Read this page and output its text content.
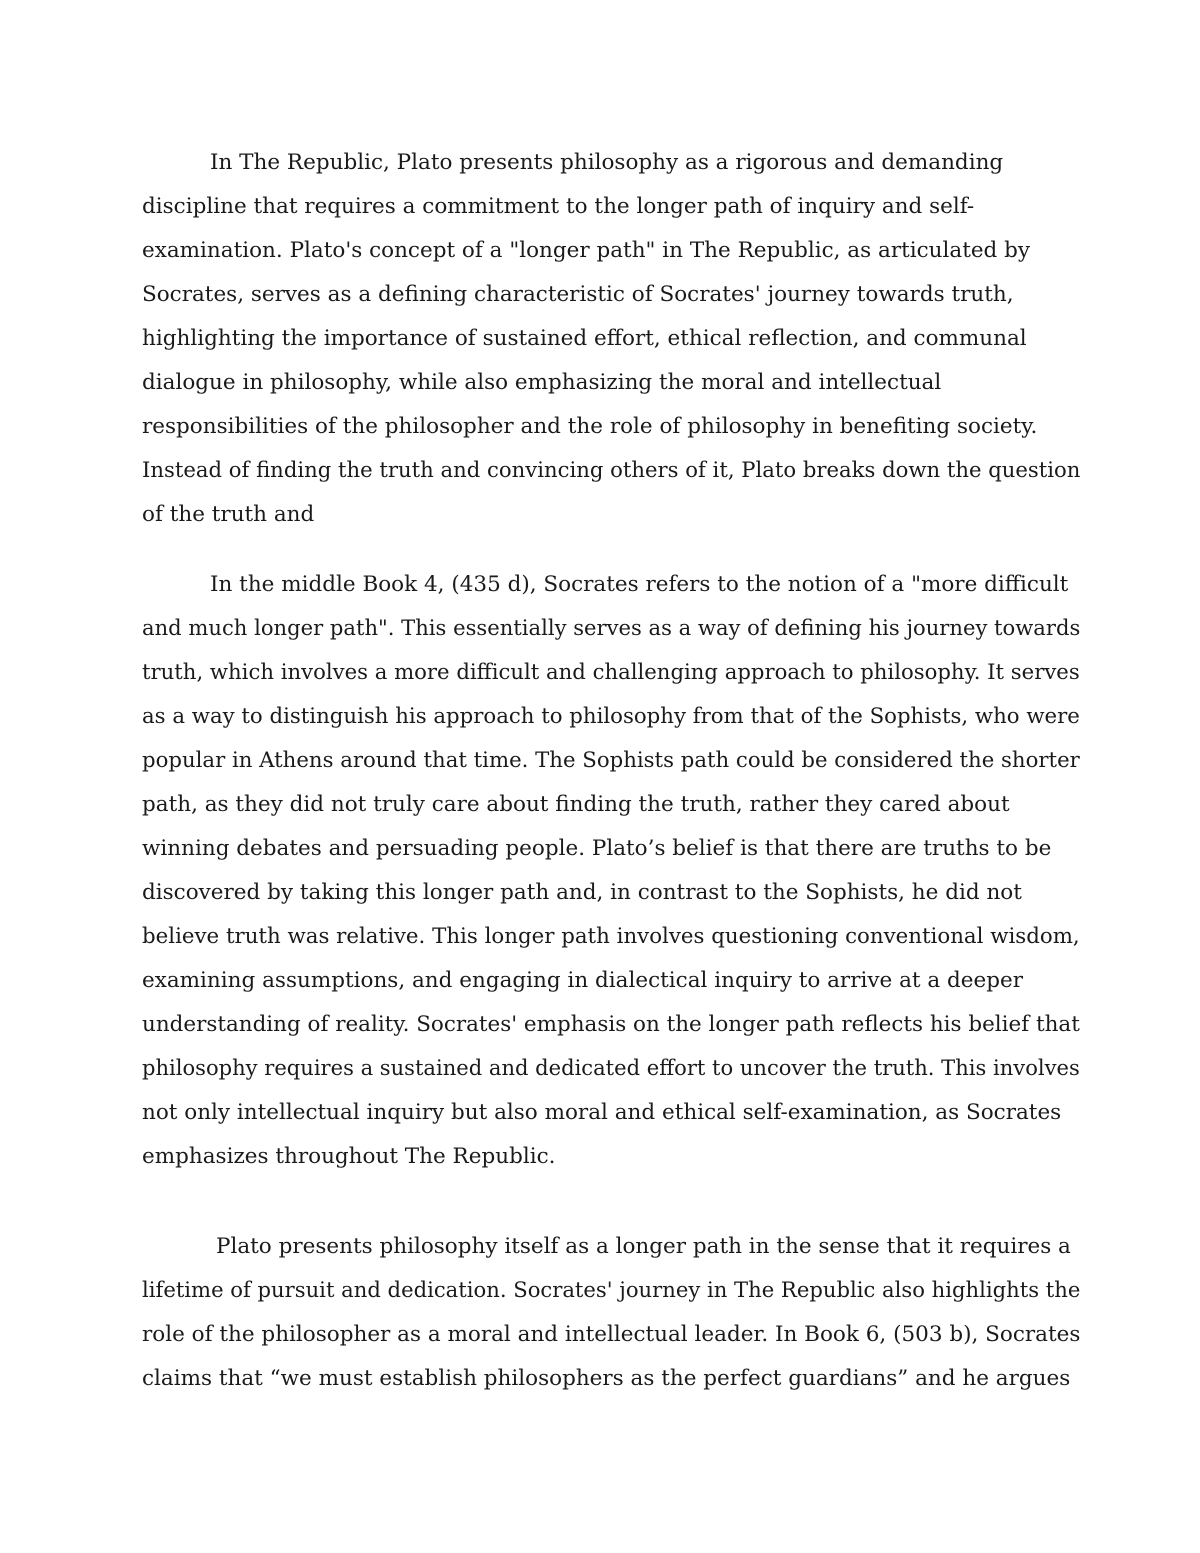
In The Republic, Plato presents philosophy as a rigorous and demanding
discipline that requires a commitment to the longer path of inquiry and self-
examination. Plato's concept of a "longer path" in The Republic, as articulated by
Socrates, serves as a defining characteristic of Socrates' journey towards truth,
highlighting the importance of sustained effort, ethical reflection, and communal
dialogue in philosophy, while also emphasizing the moral and intellectual
responsibilities of the philosopher and the role of philosophy in benefiting society.
Instead of finding the truth and convincing others of it, Plato breaks down the question
of the truth and
In the middle Book 4, (435 d), Socrates refers to the notion of a "more difficult
and much longer path". This essentially serves as a way of defining his journey towards
truth, which involves a more difficult and challenging approach to philosophy. It serves
as a way to distinguish his approach to philosophy from that of the Sophists, who were
popular in Athens around that time. The Sophists path could be considered the shorter
path, as they did not truly care about finding the truth, rather they cared about
winning debates and persuading people. Plato’s belief is that there are truths to be
discovered by taking this longer path and, in contrast to the Sophists, he did not
believe truth was relative. This longer path involves questioning conventional wisdom,
examining assumptions, and engaging in dialectical inquiry to arrive at a deeper
understanding of reality. Socrates' emphasis on the longer path reflects his belief that
philosophy requires a sustained and dedicated effort to uncover the truth. This involves
not only intellectual inquiry but also moral and ethical self-examination, as Socrates
emphasizes throughout The Republic.
Plato presents philosophy itself as a longer path in the sense that it requires a
lifetime of pursuit and dedication. Socrates' journey in The Republic also highlights the
role of the philosopher as a moral and intellectual leader. In Book 6, (503 b), Socrates
claims that “we must establish philosophers as the perfect guardians” and he argues
